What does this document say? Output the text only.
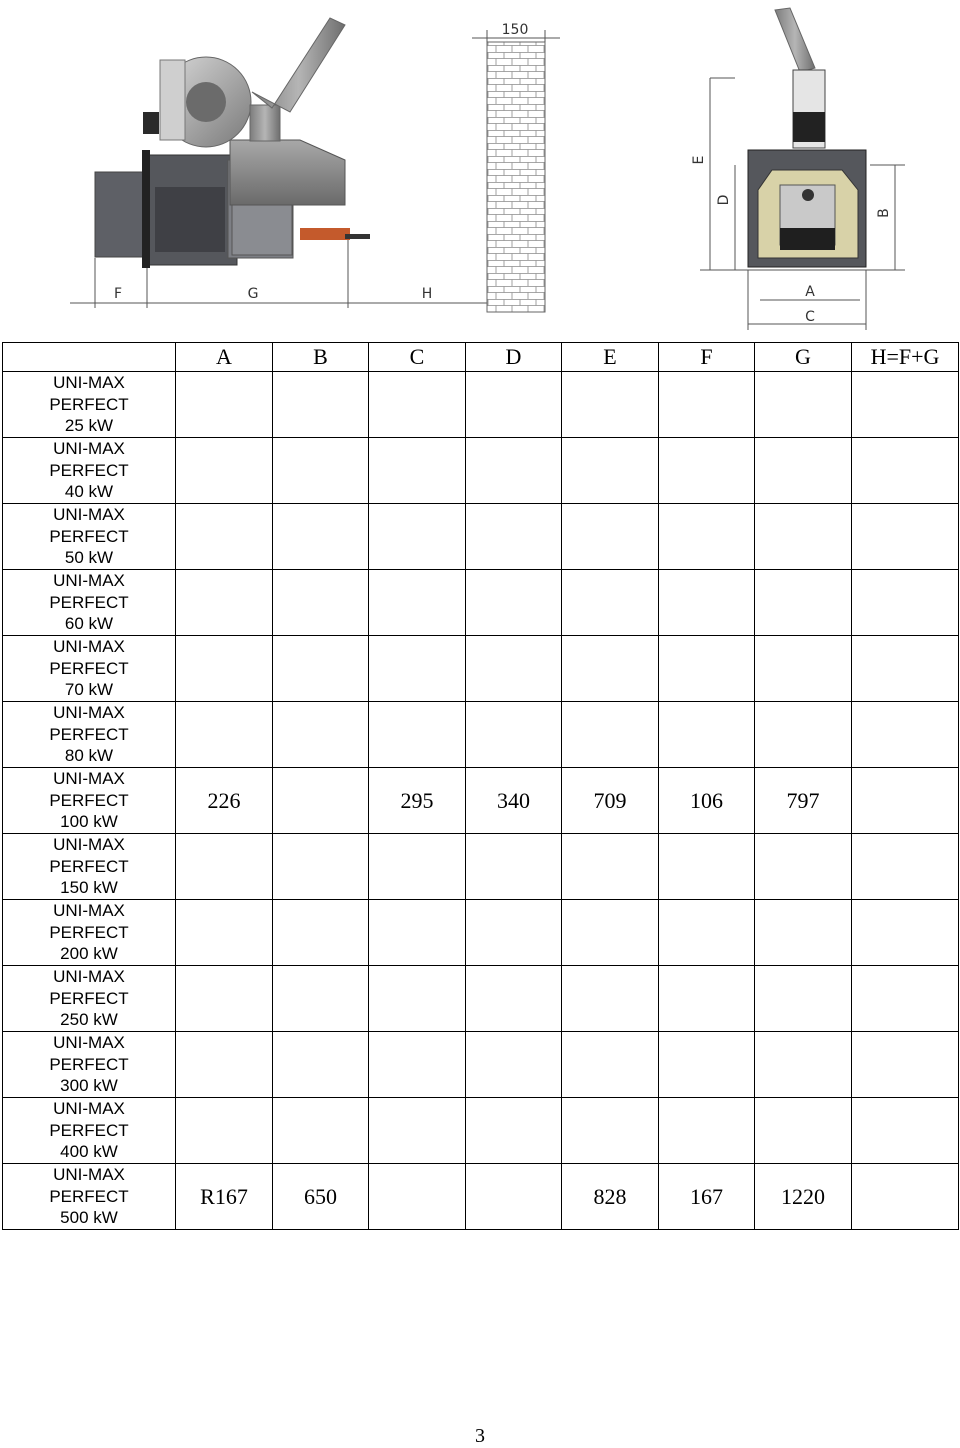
F	G	H
150
E
D
B
A
C
	A	B	C	D	E	F	G	H=F+G

UNI-MAX
PERFECT
25 kW								

UNI-MAX
PERFECT
40 kW								

UNI-MAX
PERFECT
50 kW								

UNI-MAX
PERFECT
60 kW								

UNI-MAX
PERFECT
70 kW								

UNI-MAX
PERFECT
80 kW								

UNI-MAX
PERFECT
100 kW	226		295	340	709	106	797	

UNI-MAX
PERFECT
150 kW								

UNI-MAX
PERFECT
200 kW								

UNI-MAX
PERFECT
250 kW								

UNI-MAX
PERFECT
300 kW								

UNI-MAX
PERFECT
400 kW								

UNI-MAX
PERFECT
500 kW	R167	650			828	167	1220	
3
